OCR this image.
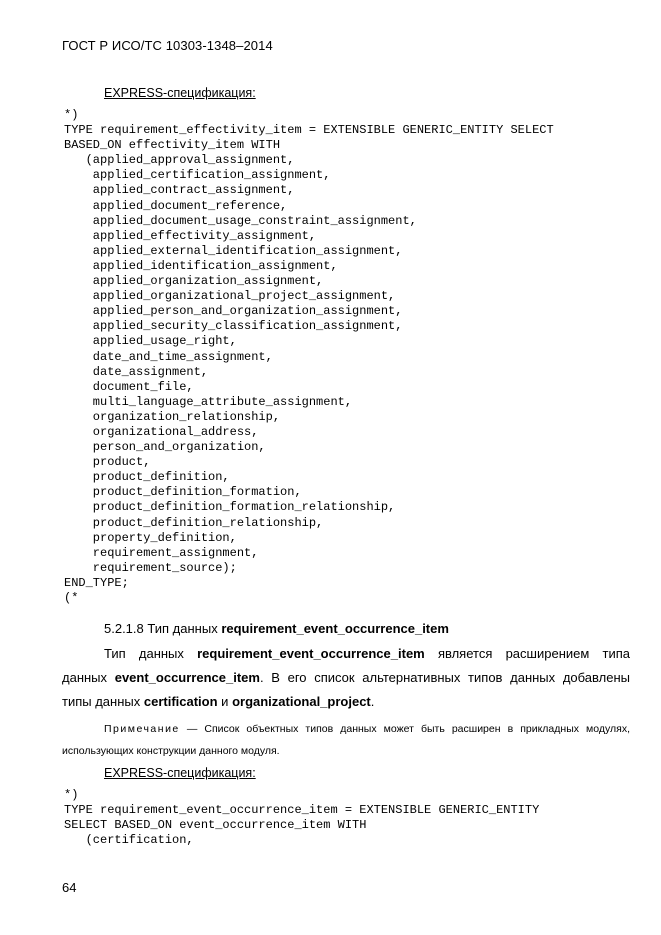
ГОСТ Р ИСО/ТС 10303-1348–2014
EXPRESS-спецификация:
*)
TYPE requirement_effectivity_item = EXTENSIBLE GENERIC_ENTITY SELECT
BASED_ON effectivity_item WITH
(applied_approval_assignment,
applied_certification_assignment,
applied_contract_assignment,
applied_document_reference,
applied_document_usage_constraint_assignment,
applied_effectivity_assignment,
applied_external_identification_assignment,
applied_identification_assignment,
applied_organization_assignment,
applied_organizational_project_assignment,
applied_person_and_organization_assignment,
applied_security_classification_assignment,
applied_usage_right,
date_and_time_assignment,
date_assignment,
document_file,
multi_language_attribute_assignment,
organization_relationship,
organizational_address,
person_and_organization,
product,
product_definition,
product_definition_formation,
product_definition_formation_relationship,
product_definition_relationship,
property_definition,
requirement_assignment,
requirement_source);
END_TYPE;
(*
5.2.1.8 Тип данных requirement_event_occurrence_item
Тип данных requirement_event_occurrence_item является расширением типа данных event_occurrence_item. В его список альтернативных типов данных добавлены типы данных certification и organizational_project.
Примечание — Список объектных типов данных может быть расширен в прикладных модулях, использующих конструкции данного модуля.
EXPRESS-спецификация:
*)
TYPE requirement_event_occurrence_item = EXTENSIBLE GENERIC_ENTITY
SELECT BASED_ON event_occurrence_item WITH
(certification,
64
